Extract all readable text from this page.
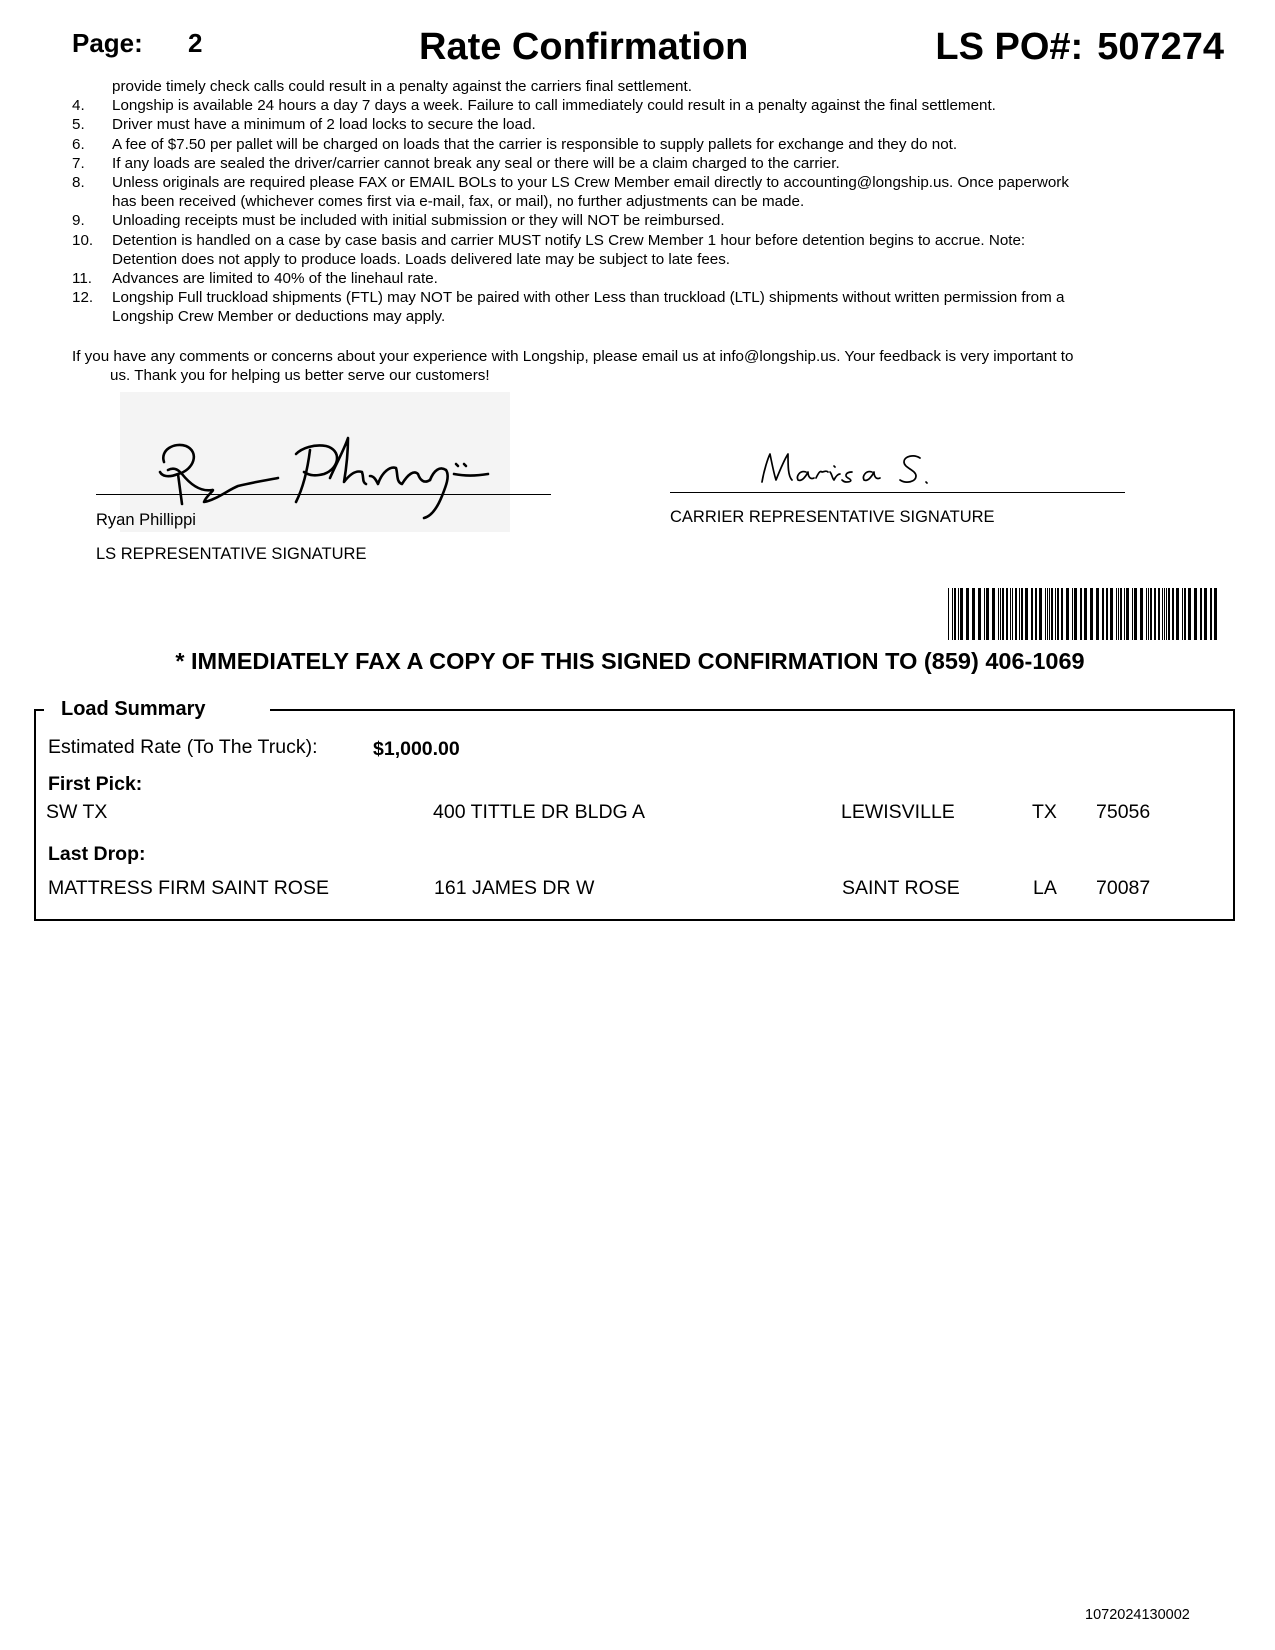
Page: 2	Rate Confirmation	LS PO#: 507274
provide timely check calls could result in a penalty against the carriers final settlement.
4. Longship is available 24 hours a day 7 days a week. Failure to call immediately could result in a penalty against the final settlement.
5. Driver must have a minimum of 2 load locks to secure the load.
6. A fee of $7.50 per pallet will be charged on loads that the carrier is responsible to supply pallets for exchange and they do not.
7. If any loads are sealed the driver/carrier cannot break any seal or there will be a claim charged to the carrier.
8. Unless originals are required please FAX or EMAIL BOLs to your LS Crew Member email directly to accounting@longship.us. Once paperwork
has been received (whichever comes first via e-mail, fax, or mail), no further adjustments can be made.
9. Unloading receipts must be included with initial submission or they will NOT be reimbursed.
10. Detention is handled on a case by case basis and carrier MUST notify LS Crew Member 1 hour before detention begins to accrue. Note:
Detention does not apply to produce loads. Loads delivered late may be subject to late fees.
11. Advances are limited to 40% of the linehaul rate.
12. Longship Full truckload shipments (FTL) may NOT be paired with other Less than truckload (LTL) shipments without written permission from a
Longship Crew Member or deductions may apply.
If you have any comments or concerns about your experience with Longship, please email us at info@longship.us. Your feedback is very important to
us. Thank you for helping us better serve our customers!
Ryan Phillippi
LS REPRESENTATIVE SIGNATURE
CARRIER REPRESENTATIVE SIGNATURE
* IMMEDIATELY FAX A COPY OF THIS SIGNED CONFIRMATION TO (859) 406-1069
Load Summary
Estimated Rate (To The Truck):	$1,000.00
First Pick:
SW TX	400 TITTLE DR BLDG A	LEWISVILLE	TX 75056
Last Drop:
MATTRESS FIRM SAINT ROSE	161 JAMES DR W	SAINT ROSE	LA 70087
1072024130002
